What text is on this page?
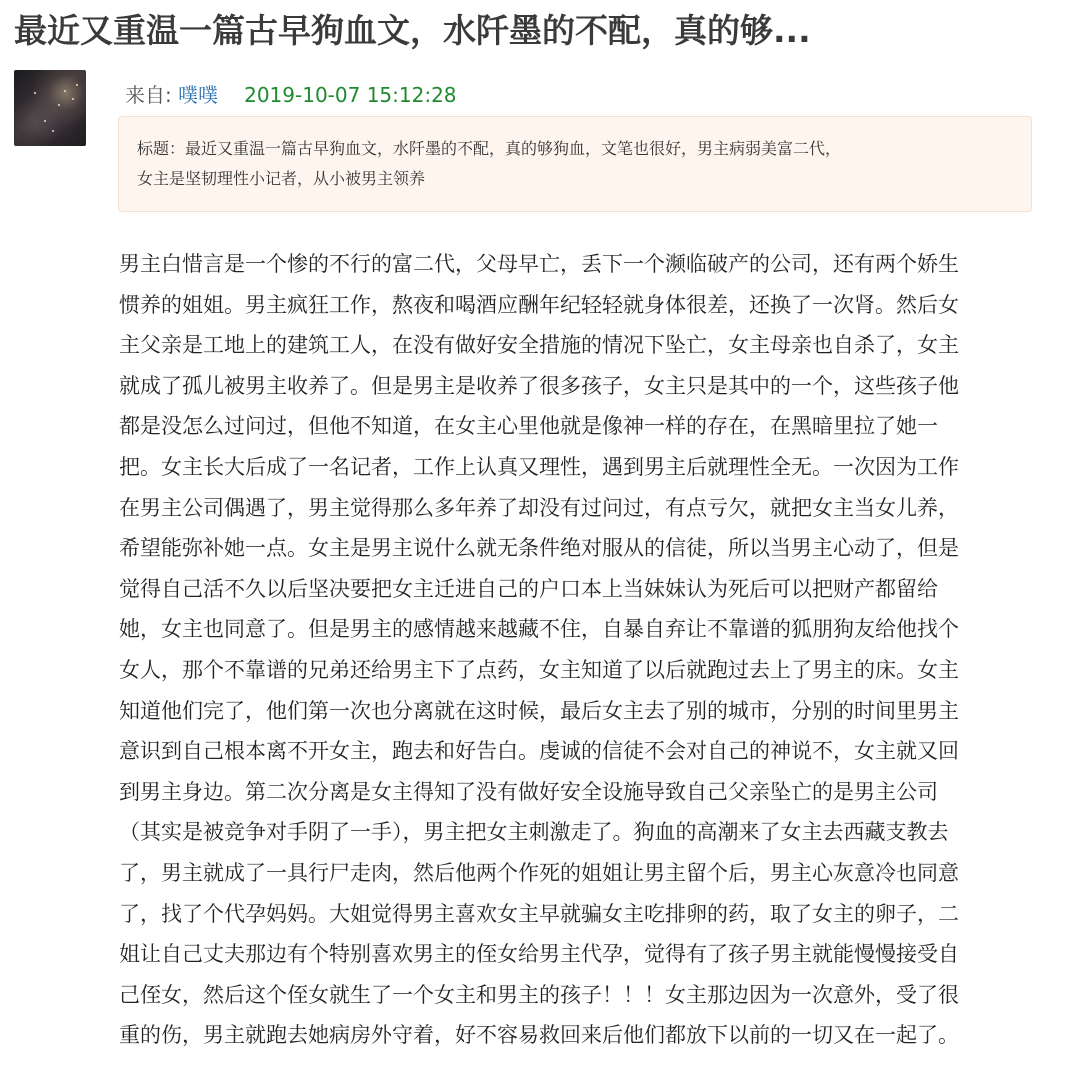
最近又重温一篇古早狗血文，水阡墨的不配，真的够...
来自: 噗噗 2019-10-07 15:12:28
标题：最近又重温一篇古早狗血文，水阡墨的不配，真的够狗血，文笔也很好，男主病弱美富二代，
女主是坚韧理性小记者，从小被男主领养
男主白惜言是一个惨的不行的富二代，父母早亡，丢下一个濒临破产的公司，还有两个娇生
惯养的姐姐。男主疯狂工作，熬夜和喝酒应酬年纪轻轻就身体很差，还换了一次肾。然后女
主父亲是工地上的建筑工人，在没有做好安全措施的情况下坠亡，女主母亲也自杀了，女主
就成了孤儿被男主收养了。但是男主是收养了很多孩子，女主只是其中的一个，这些孩子他
都是没怎么过问过，但他不知道，在女主心里他就是像神一样的存在，在黑暗里拉了她一
把。女主长大后成了一名记者，工作上认真又理性，遇到男主后就理性全无。一次因为工作
在男主公司偶遇了，男主觉得那么多年养了却没有过问过，有点亏欠，就把女主当女儿养，
希望能弥补她一点。女主是男主说什么就无条件绝对服从的信徒，所以当男主心动了，但是
觉得自己活不久以后坚决要把女主迁进自己的户口本上当妹妹认为死后可以把财产都留给
她，女主也同意了。但是男主的感情越来越藏不住，自暴自弃让不靠谱的狐朋狗友给他找个
女人，那个不靠谱的兄弟还给男主下了点药，女主知道了以后就跑过去上了男主的床。女主
知道他们完了，他们第一次也分离就在这时候，最后女主去了别的城市，分别的时间里男主
意识到自己根本离不开女主，跑去和好告白。虔诚的信徒不会对自己的神说不，女主就又回
到男主身边。第二次分离是女主得知了没有做好安全设施导致自己父亲坠亡的是男主公司
（其实是被竞争对手阴了一手），男主把女主刺激走了。狗血的高潮来了女主去西藏支教去
了，男主就成了一具行尸走肉，然后他两个作死的姐姐让男主留个后，男主心灰意冷也同意
了，找了个代孕妈妈。大姐觉得男主喜欢女主早就骗女主吃排卵的药，取了女主的卵子，二
姐让自己丈夫那边有个特别喜欢男主的侄女给男主代孕，觉得有了孩子男主就能慢慢接受自
己侄女，然后这个侄女就生了一个女主和男主的孩子！！！女主那边因为一次意外，受了很
重的伤，男主就跑去她病房外守着，好不容易救回来后他们都放下以前的一切又在一起了。
